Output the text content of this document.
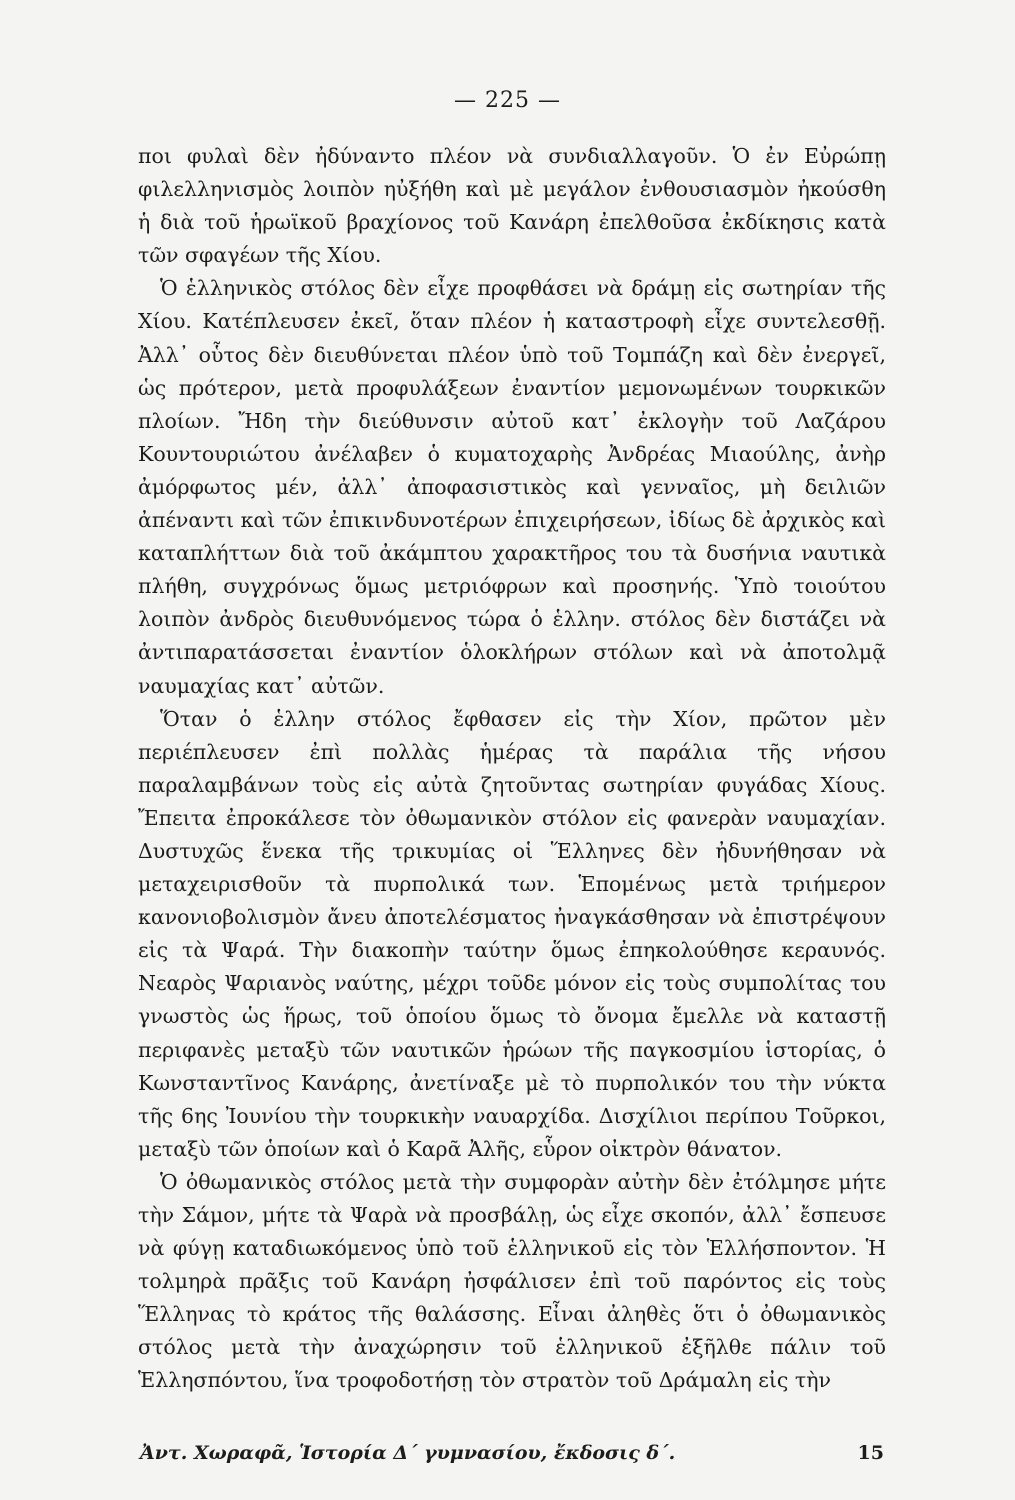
— 225 —

ποι φυλαὶ δὲν ἠδύναντο πλέον νὰ συνδιαλλαγοῦν. Ὁ ἐν Εὐρώπῃ φιλελληνισμὸς λοιπὸν ηὐξήθη καὶ μὲ μεγάλον ἐνθουσιασμὸν ἠκούσθη ἡ διὰ τοῦ ἡρωϊκοῦ βραχίονος τοῦ Κανάρη ἐπελθοῦσα ἐκδίκησις κατὰ τῶν σφαγέων τῆς Χίου.

Ὁ ἑλληνικὸς στόλος δὲν εἶχε προφθάσει νὰ δράμῃ εἰς σωτηρίαν τῆς Χίου. Κατέπλευσεν ἐκεῖ, ὅταν πλέον ἡ καταστροφὴ εἶχε συντελεσθῇ. Ἀλλ᾿ οὗτος δὲν διευθύνεται πλέον ὑπὸ τοῦ Τομπάζη καὶ δὲν ἐνεργεῖ, ὡς πρότερον, μετὰ προφυλάξεων ἐναντίον μεμονωμένων τουρκικῶν πλοίων. Ἤδη τὴν διεύθυνσιν αὐτοῦ κατ᾿ ἐκλογὴν τοῦ Λαζάρου Κουντουριώτου ἀνέλαβεν ὁ κυματοχαρὴς Ἀνδρέας Μιαούλης, ἀνὴρ ἀμόρφωτος μέν, ἀλλ᾿ ἀποφασιστικὸς καὶ γενναῖος, μὴ δειλιῶν ἀπέναντι καὶ τῶν ἐπικινδυνοτέρων ἐπιχειρήσεων, ἰδίως δὲ ἀρχικὸς καὶ καταπλήττων διὰ τοῦ ἀκάμπτου χαρακτῆρος του τὰ δυσήνια ναυτικὰ πλήθη, συγχρόνως ὅμως μετριόφρων καὶ προσηνής. Ὑπὸ τοιούτου λοιπὸν ἀνδρὸς διευθυνόμενος τώρα ὁ ἑλλην. στόλος δὲν διστάζει νὰ ἀντιπαρατάσσεται ἐναντίον ὁλοκλήρων στόλων καὶ νὰ ἀποτολμᾷ ναυμαχίας κατ᾿ αὐτῶν.

Ὅταν ὁ ἑλλην στόλος ἔφθασεν εἰς τὴν Χίον, πρῶτον μὲν περιέπλευσεν ἐπὶ πολλὰς ἡμέρας τὰ παράλια τῆς νήσου παραλαμβάνων τοὺς εἰς αὐτὰ ζητοῦντας σωτηρίαν φυγάδας Χίους. Ἔπειτα ἐπροκάλεσε τὸν ὀθωμανικὸν στόλον εἰς φανερὰν ναυμαχίαν. Δυστυχῶς ἕνεκα τῆς τρικυμίας οἱ Ἕλληνες δὲν ἠδυνήθησαν νὰ μεταχειρισθοῦν τὰ πυρπολικά των. Ἑπομένως μετὰ τριήμερον κανονιοβολισμὸν ἄνευ ἀποτελέσματος ἠναγκάσθησαν νὰ ἐπιστρέψουν εἰς τὰ Ψαρά. Τὴν διακοπὴν ταύτην ὅμως ἐπηκολούθησε κεραυνός. Νεαρὸς Ψαριανὸς ναύτης, μέχρι τοῦδε μόνον εἰς τοὺς συμπολίτας του γνωστὸς ὡς ἥρως, τοῦ ὁποίου ὅμως τὸ ὄνομα ἔμελλε νὰ καταστῇ περιφανὲς μεταξὺ τῶν ναυτικῶν ἡρώων τῆς παγκοσμίου ἱστορίας, ὁ Κωνσταντῖνος Κανάρης, ἀνετίναξε μὲ τὸ πυρπολικόν του τὴν νύκτα τῆς 6ης Ἰουνίου τὴν τουρκικὴν ναυαρχίδα. Δισχίλιοι περίπου Τοῦρκοι, μεταξὺ τῶν ὁποίων καὶ ὁ Καρᾶ Ἀλῆς, εὗρον οἰκτρὸν θάνατον.

Ὁ ὀθωμανικὸς στόλος μετὰ τὴν συμφορὰν αὐτὴν δὲν ἐτόλμησε μήτε τὴν Σάμον, μήτε τὰ Ψαρὰ νὰ προσβάλῃ, ὡς εἶχε σκοπόν, ἀλλ᾿ ἔσπευσε νὰ φύγῃ καταδιωκόμενος ὑπὸ τοῦ ἑλληνικοῦ εἰς τὸν Ἑλλήσποντον. Ἡ τολμηρὰ πρᾶξις τοῦ Κανάρη ἠσφάλισεν ἐπὶ τοῦ παρόντος εἰς τοὺς Ἕλληνας τὸ κράτος τῆς θαλάσσης. Εἶναι ἀληθὲς ὅτι ὁ ὀθωμανικὸς στόλος μετὰ τὴν ἀναχώρησιν τοῦ ἑλληνικοῦ ἐξῆλθε πάλιν τοῦ Ἑλλησπόντου, ἵνα τροφοδοτήσῃ τὸν στρατὸν τοῦ Δράμαλη εἰς τὴν

Ἀντ. Χωραφᾶ, Ἱστορία Δ΄ γυμνασίου, ἔκδοσις δ΄.	15
